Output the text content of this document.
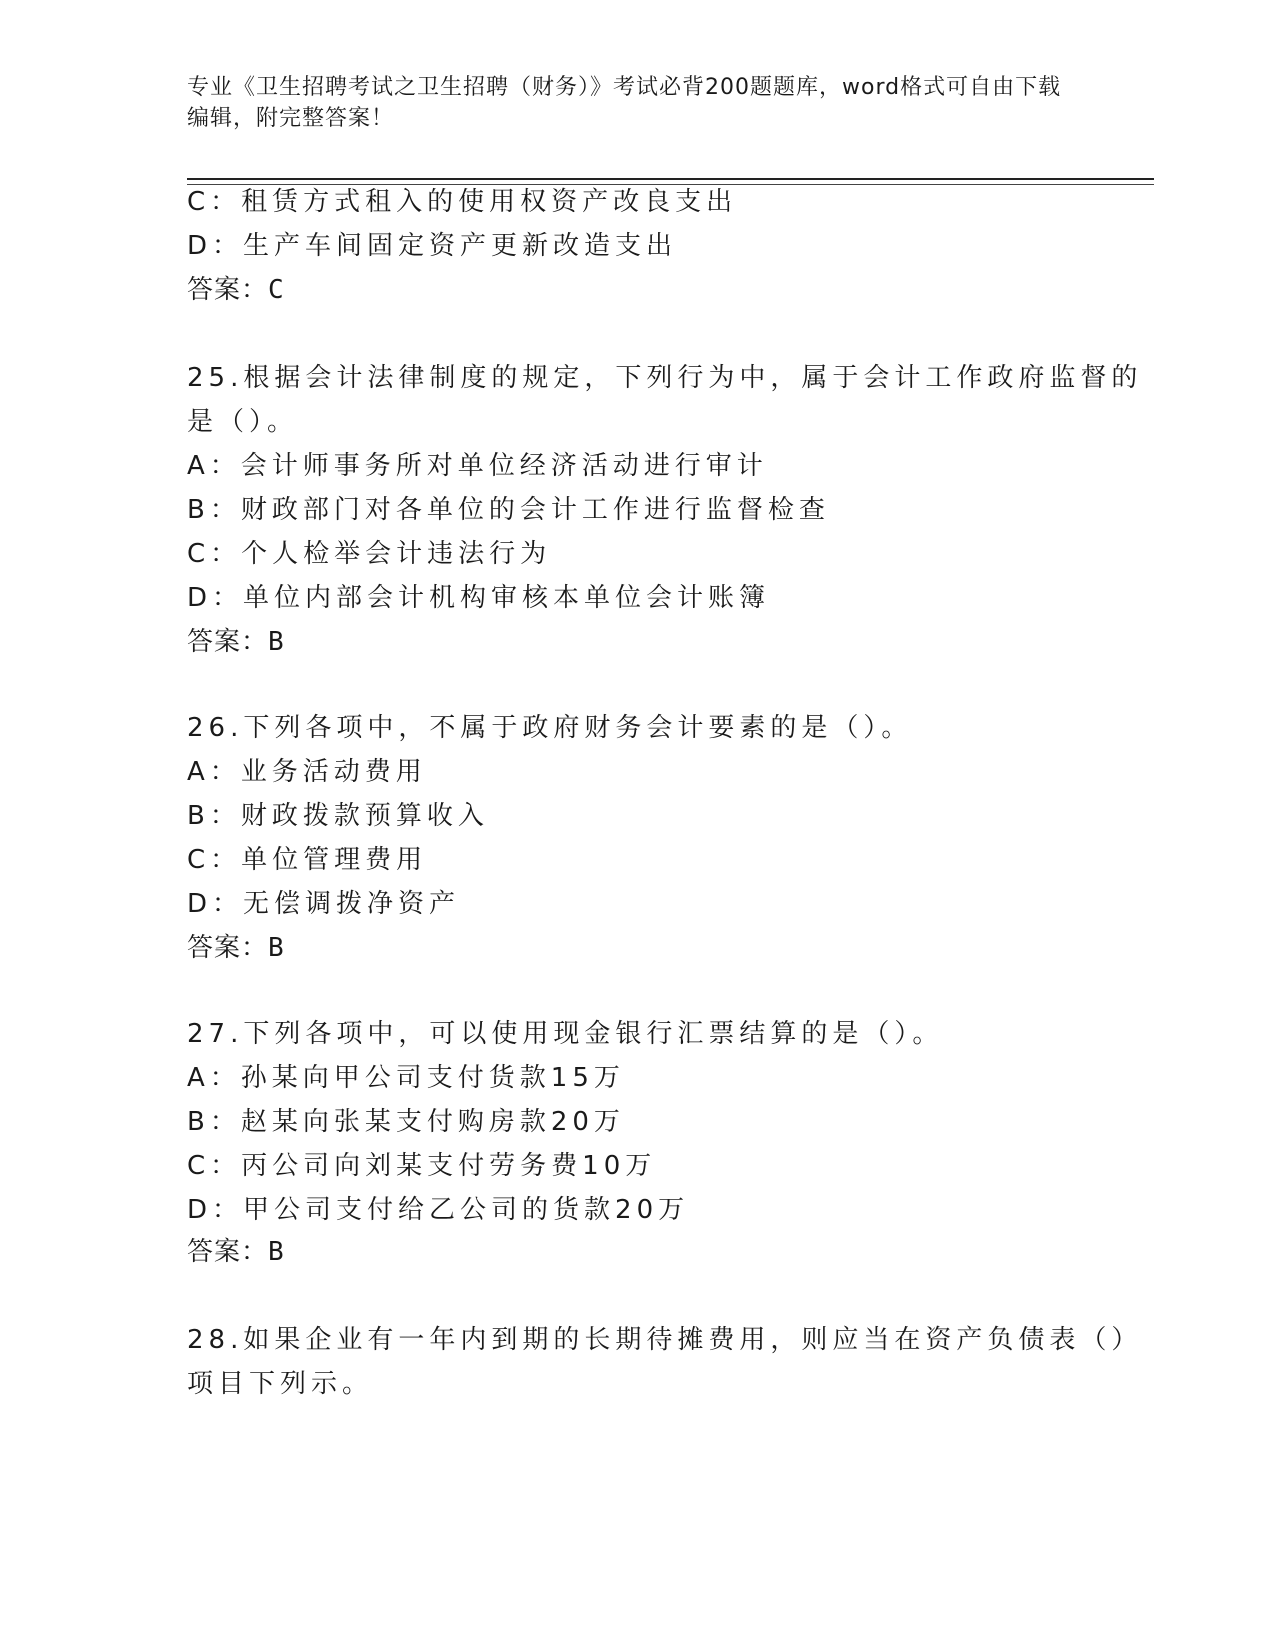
专业《卫生招聘考试之卫生招聘（财务）》考试必背200题题库，word格式可自由下载编辑，附完整答案！
C：租赁方式租入的使用权资产改良支出
D：生产车间固定资产更新改造支出
答案：C
25.根据会计法律制度的规定，下列行为中，属于会计工作政府监督的
是（）。
A：会计师事务所对单位经济活动进行审计
B：财政部门对各单位的会计工作进行监督检查
C：个人检举会计违法行为
D：单位内部会计机构审核本单位会计账簿
答案：B
26.下列各项中，不属于政府财务会计要素的是（）。
A：业务活动费用
B：财政拨款预算收入
C：单位管理费用
D：无偿调拨净资产
答案：B
27.下列各项中，可以使用现金银行汇票结算的是（）。
A：孙某向甲公司支付货款15万
B：赵某向张某支付购房款20万
C：丙公司向刘某支付劳务费10万
D：甲公司支付给乙公司的货款20万
答案：B
28.如果企业有一年内到期的长期待摊费用，则应当在资产负债表（）
项目下列示。
